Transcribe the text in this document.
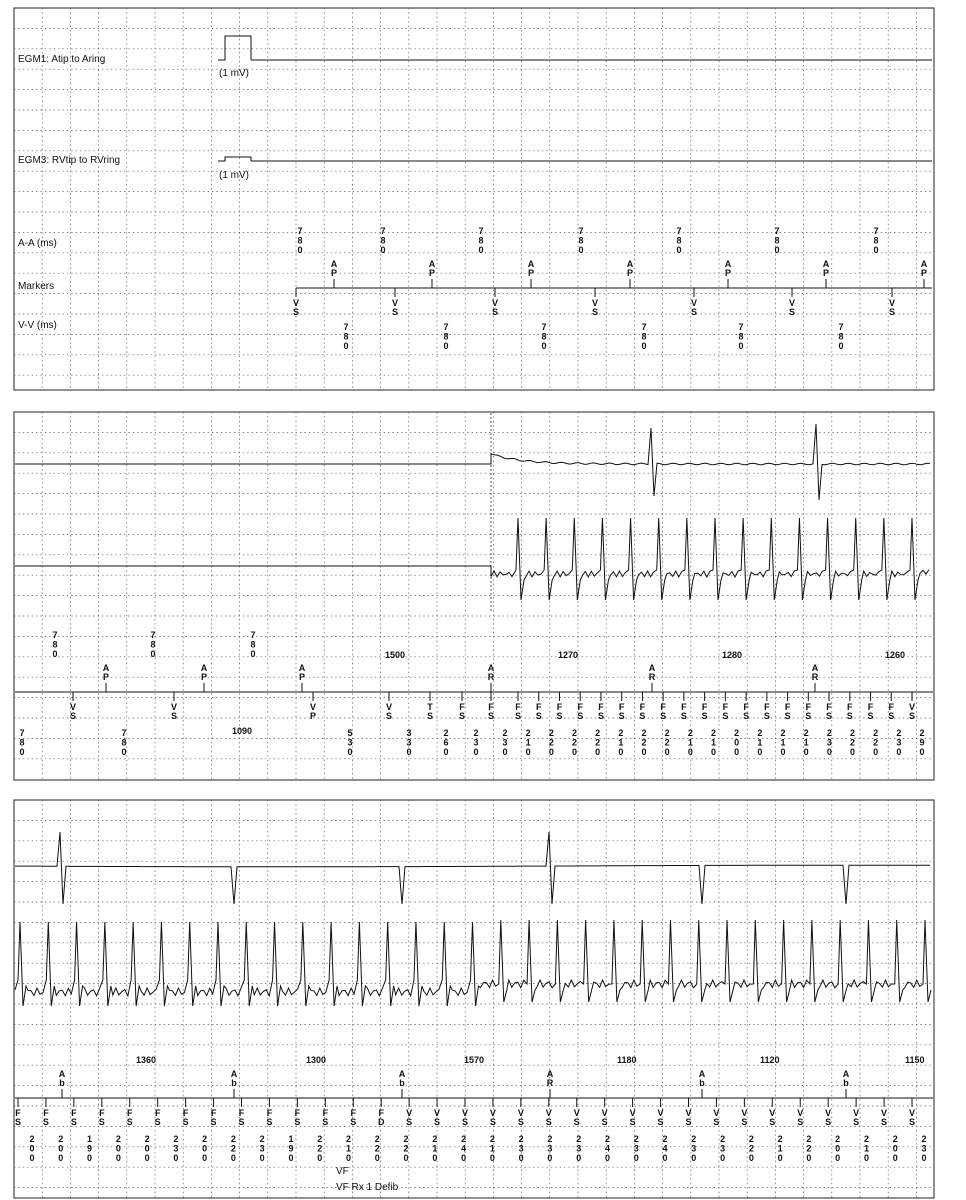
EGM1: Atip to Aring
(1 mV)
EGM3: RVtip to RVring
(1 mV)
A-A (ms)
Markers
V-V (ms)
7
8
0
7
8
0
7
8
0
7
8
0
7
8
0
7
8
0
7
8
0
A
P
A
P
A
P
A
P
A
P
A
P
A
P
V
S
V
S
V
S
V
S
V
S
V
S
V
S
7
8
0
7
8
0
7
8
0
7
8
0
7
8
0
7
8
0
7
8
0
7
8
0
7
8
0	1500	1270	1280	1260
A
P
A
P
A
P
A
R
A
R
A
R
V
S
V
S
V
P
V
S
T
S
F
S
F
S
F
S
F
S
F
S
F
S
F
S
F
S
F
S
F
S
F
S
F
S
F
S
F
S
F
S
F
S
F
S
F
S
F
S
F
S
F
S
V
S
1090
7
8
0
7
8
0
5
3
0
3
3
0
2
6
0
2
3
0
2
3
0
2
1
0
2
2
0
2
2
0
2
2
0
2
1
0
2
2
0
2
2
0
2
1
0
2
1
0
2
0
0
2
1
0
2
1
0
2
1
0
2
3
0
2
2
0
2
2
0
2
3
0
2
9
0
1360	1300	1570	1180	1120	1150
A
b
A
b
A
b
A
R
A
b
A
b
F
S
F
S
F
S
F
S
F
S
F
S
F
S
F
S
F
S
F
S
F
S
F
S
F
S
F
D
V
S
V
S
V
S
V
S
V
S
V
S
V
S
V
S
V
S
V
S
V
S
V
S
V
S
V
S
V
S
V
S
V
S
V
S
V
S
2
0
0
2
0
0
1
9
0
2
0
0
2
0
0
2
3
0
2
0
0
2
2
0
2
3
0
1
9
0
2
2
0
2
1
0
2
2
0
2
2
0
2
1
0
2
4
0
2
1
0
2
3
0
2
3
0
2
3
0
2
4
0
2
3
0
2
4
0
2
3
0
2
3
0
2
2
0
2
1
0
2
2
0
2
0
0
2
1
0
2
0
0
2
3
0
VF
VF Rx 1 Defib
